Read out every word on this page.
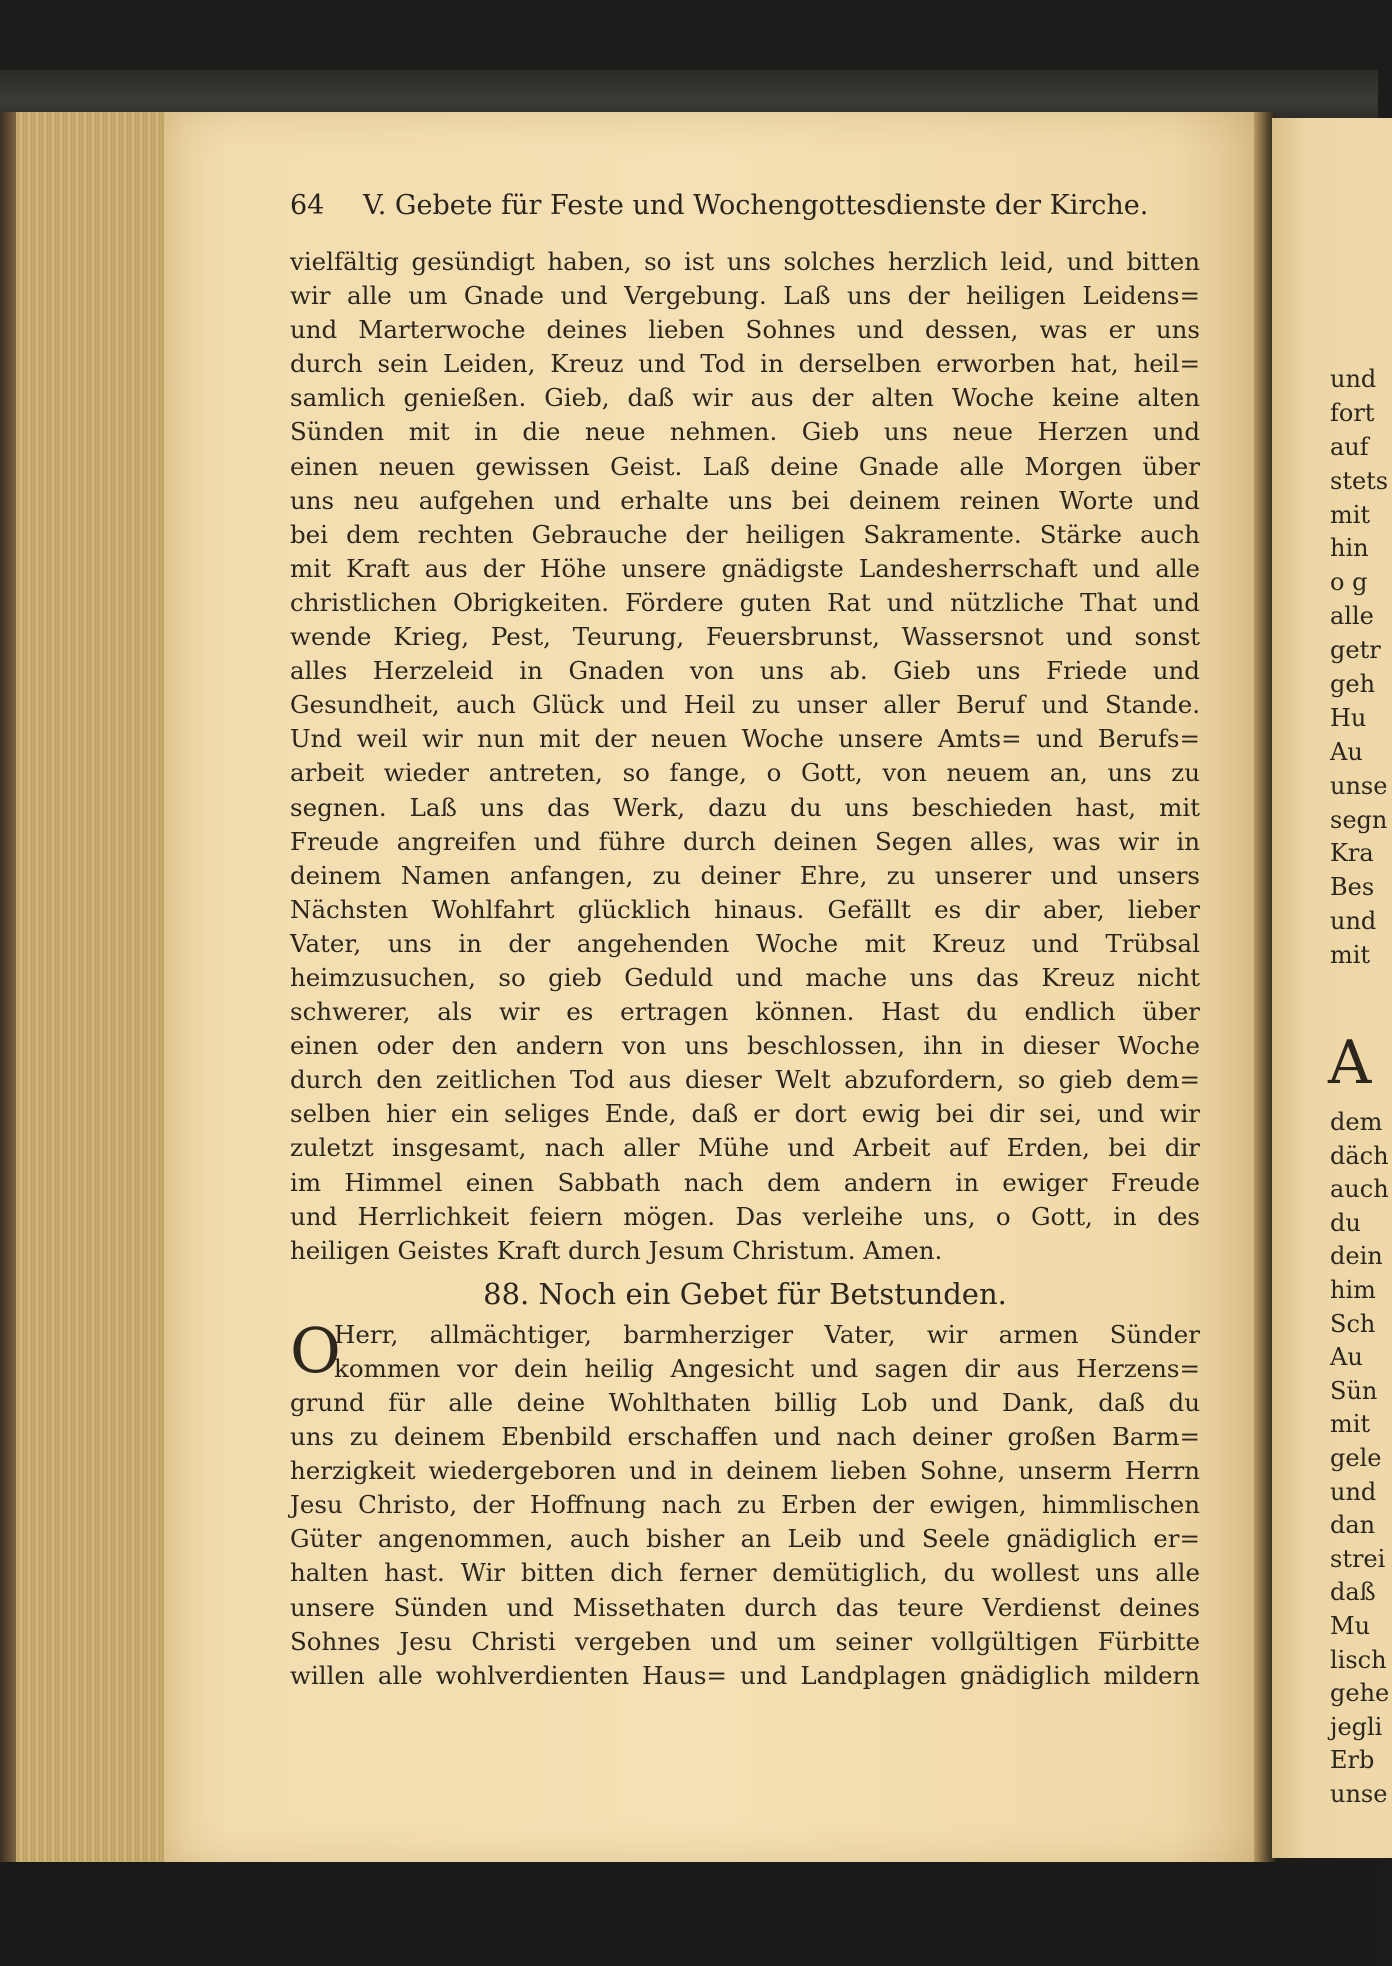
und
fort
auf
stets
mit
hin
o g
alle
getr
geh
Hu
Au
unse
segn
Kra
Bes
und
mit
A
dem
däch
auch
du
dein
him
Sch
Au
Sün
mit
gele
und
dan
strei
daß
Mu
lisch
gehe
jegli
Erb
unse
64 V. Gebete für Feste und Wochengottesdienste der Kirche.
vielfältig gesündigt haben, so ist uns solches herzlich leid, und bitten
wir alle um Gnade und Vergebung. Laß uns der heiligen Leidens=
und Marterwoche deines lieben Sohnes und dessen, was er uns
durch sein Leiden, Kreuz und Tod in derselben erworben hat, heil=
samlich genießen. Gieb, daß wir aus der alten Woche keine alten
Sünden mit in die neue nehmen. Gieb uns neue Herzen und
einen neuen gewissen Geist. Laß deine Gnade alle Morgen über
uns neu aufgehen und erhalte uns bei deinem reinen Worte und
bei dem rechten Gebrauche der heiligen Sakramente. Stärke auch
mit Kraft aus der Höhe unsere gnädigste Landesherrschaft und alle
christlichen Obrigkeiten. Fördere guten Rat und nützliche That und
wende Krieg, Pest, Teurung, Feuersbrunst, Wassersnot und sonst
alles Herzeleid in Gnaden von uns ab. Gieb uns Friede und
Gesundheit, auch Glück und Heil zu unser aller Beruf und Stande.
Und weil wir nun mit der neuen Woche unsere Amts= und Berufs=
arbeit wieder antreten, so fange, o Gott, von neuem an, uns zu
segnen. Laß uns das Werk, dazu du uns beschieden hast, mit
Freude angreifen und führe durch deinen Segen alles, was wir in
deinem Namen anfangen, zu deiner Ehre, zu unserer und unsers
Nächsten Wohlfahrt glücklich hinaus. Gefällt es dir aber, lieber
Vater, uns in der angehenden Woche mit Kreuz und Trübsal
heimzusuchen, so gieb Geduld und mache uns das Kreuz nicht
schwerer, als wir es ertragen können. Hast du endlich über
einen oder den andern von uns beschlossen, ihn in dieser Woche
durch den zeitlichen Tod aus dieser Welt abzufordern, so gieb dem=
selben hier ein seliges Ende, daß er dort ewig bei dir sei, und wir
zuletzt insgesamt, nach aller Mühe und Arbeit auf Erden, bei dir
im Himmel einen Sabbath nach dem andern in ewiger Freude
und Herrlichkeit feiern mögen. Das verleihe uns, o Gott, in des
heiligen Geistes Kraft durch Jesum Christum. Amen.
88. Noch ein Gebet für Betstunden.
O
Herr, allmächtiger, barmherziger Vater, wir armen Sünder
kommen vor dein heilig Angesicht und sagen dir aus Herzens=
grund für alle deine Wohlthaten billig Lob und Dank, daß du
uns zu deinem Ebenbild erschaffen und nach deiner großen Barm=
herzigkeit wiedergeboren und in deinem lieben Sohne, unserm Herrn
Jesu Christo, der Hoffnung nach zu Erben der ewigen, himmlischen
Güter angenommen, auch bisher an Leib und Seele gnädiglich er=
halten hast. Wir bitten dich ferner demütiglich, du wollest uns alle
unsere Sünden und Missethaten durch das teure Verdienst deines
Sohnes Jesu Christi vergeben und um seiner vollgültigen Fürbitte
willen alle wohlverdienten Haus= und Landplagen gnädiglich mildern
